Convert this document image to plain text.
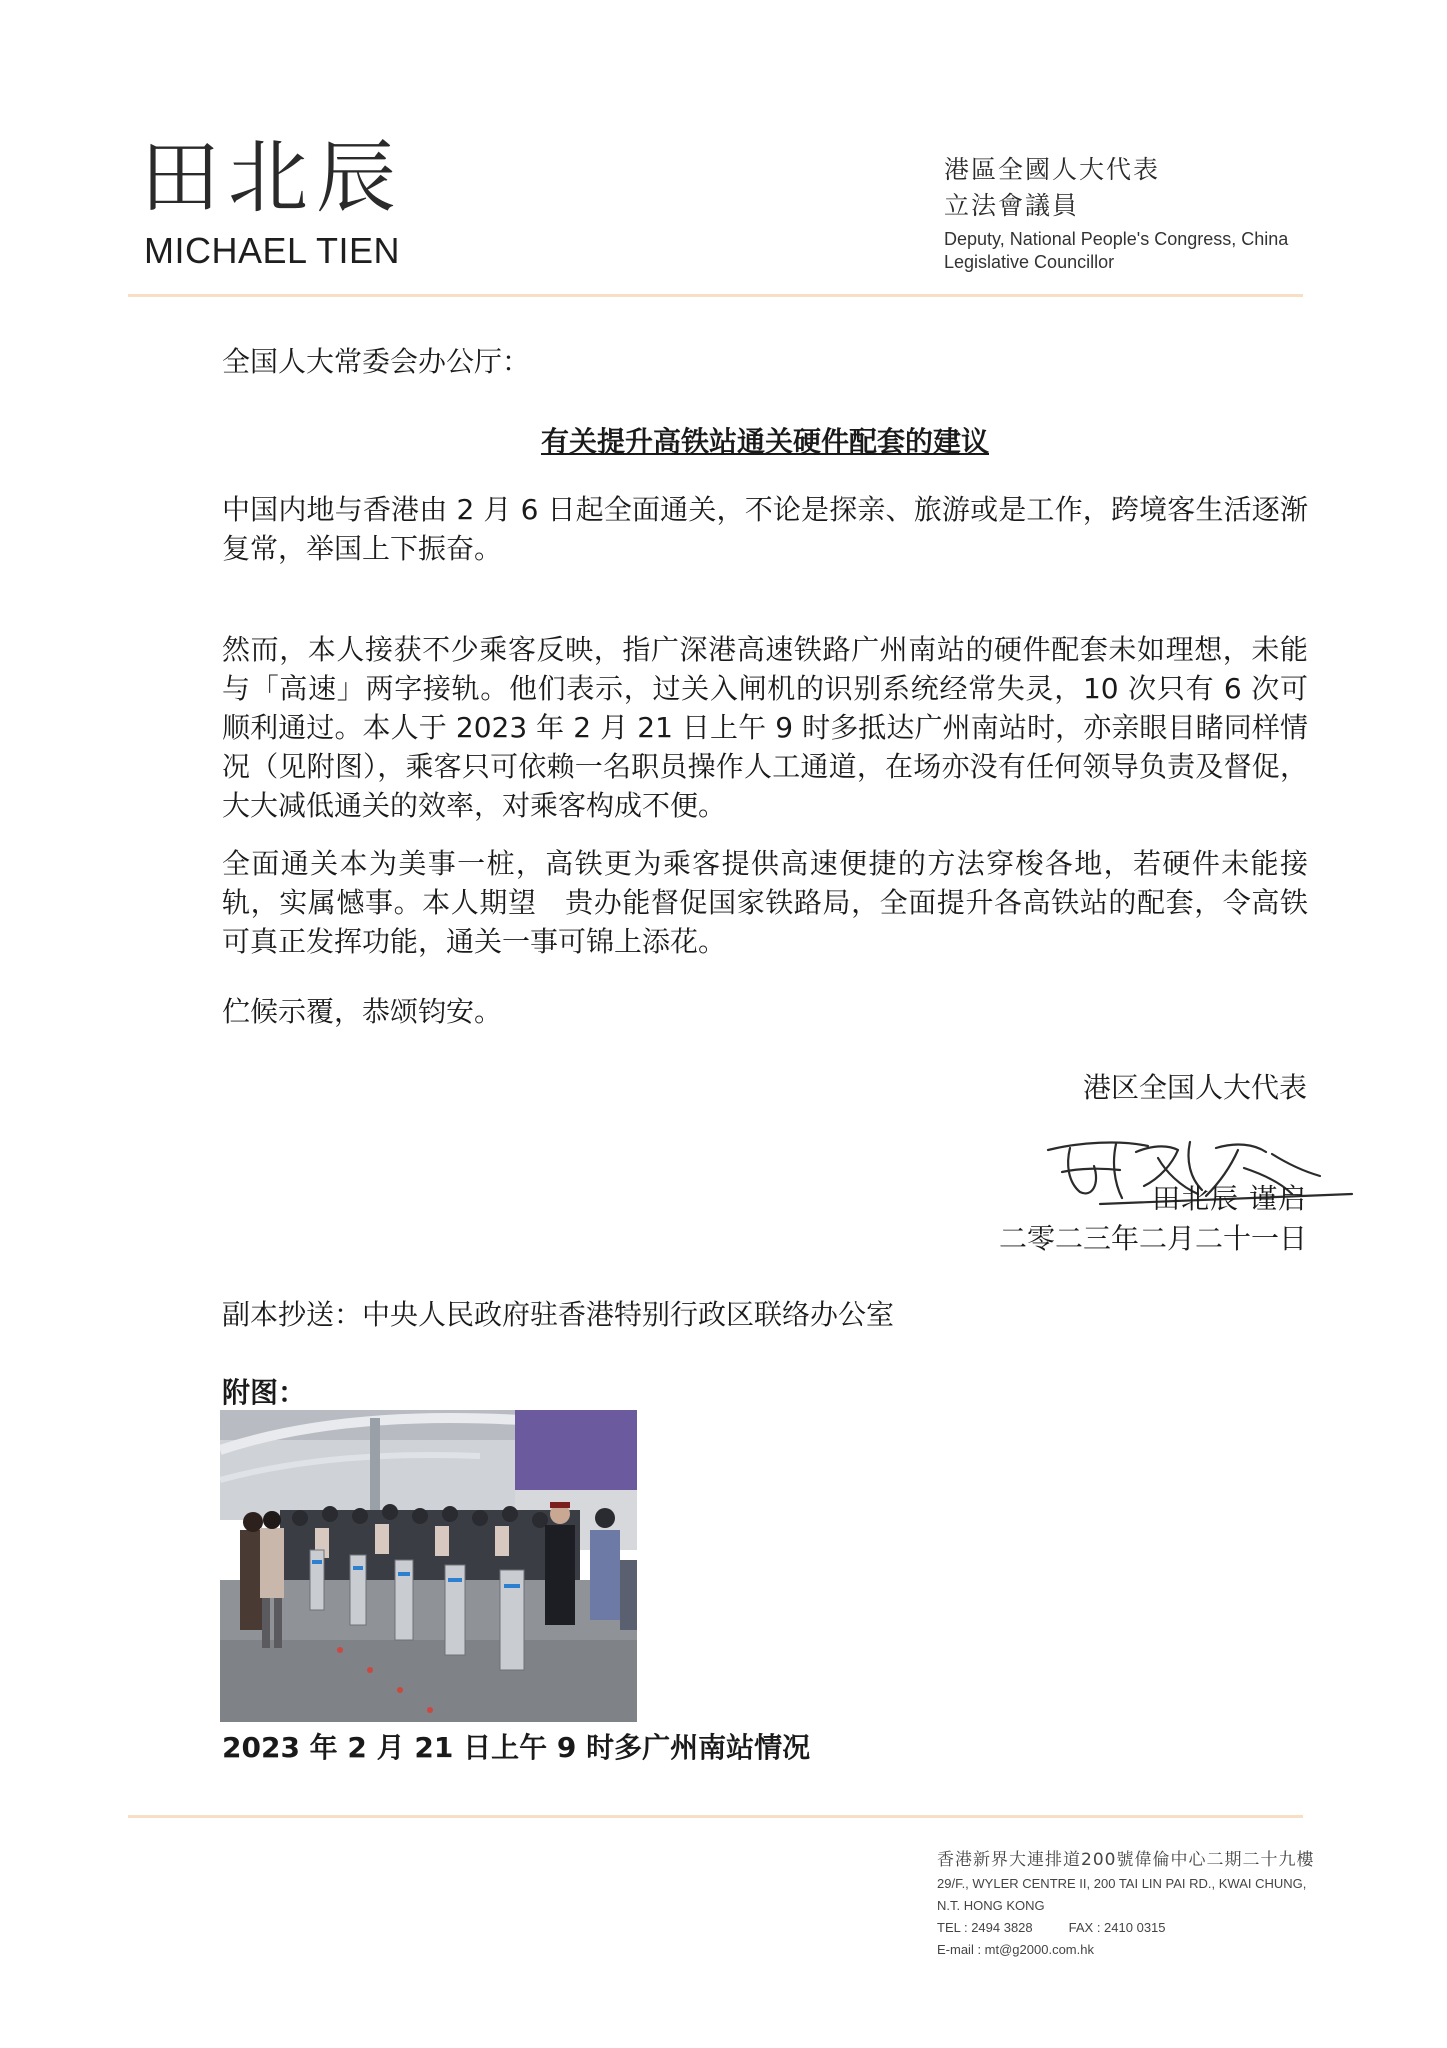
田北辰
MICHAEL TIEN
港區全國人大代表
立法會議員
Deputy, National People's Congress, China
Legislative Councillor
全国人大常委会办公厅：
有关提升高铁站通关硬件配套的建议
中国内地与香港由 2 月 6 日起全面通关，不论是探亲、旅游或是工作，跨境客生活逐渐复常，举国上下振奋。
然而，本人接获不少乘客反映，指广深港高速铁路广州南站的硬件配套未如理想，未能与「高速」两字接轨。他们表示，过关入闸机的识别系统经常失灵，10 次只有 6 次可顺利通过。本人于 2023 年 2 月 21 日上午 9 时多抵达广州南站时，亦亲眼目睹同样情况（见附图），乘客只可依赖一名职员操作人工通道，在场亦没有任何领导负责及督促，大大减低通关的效率，对乘客构成不便。
全面通关本为美事一桩，高铁更为乘客提供高速便捷的方法穿梭各地，若硬件未能接轨，实属憾事。本人期望　贵办能督促国家铁路局，全面提升各高铁站的配套，令高铁可真正发挥功能，通关一事可锦上添花。
伫候示覆，恭颂钧安。
港区全国人大代表
田北辰 谨启
二零二三年二月二十一日
副本抄送：中央人民政府驻香港特别行政区联络办公室
附图：
2023 年 2 月 21 日上午 9 时多广州南站情况
香港新界大連排道200號偉倫中心二期二十九樓
29/F., WYLER CENTRE II, 200 TAI LIN PAI RD., KWAI CHUNG,
N.T. HONG KONG
TEL : 2494 3828	FAX : 2410 0315
E-mail : mt@g2000.com.hk
